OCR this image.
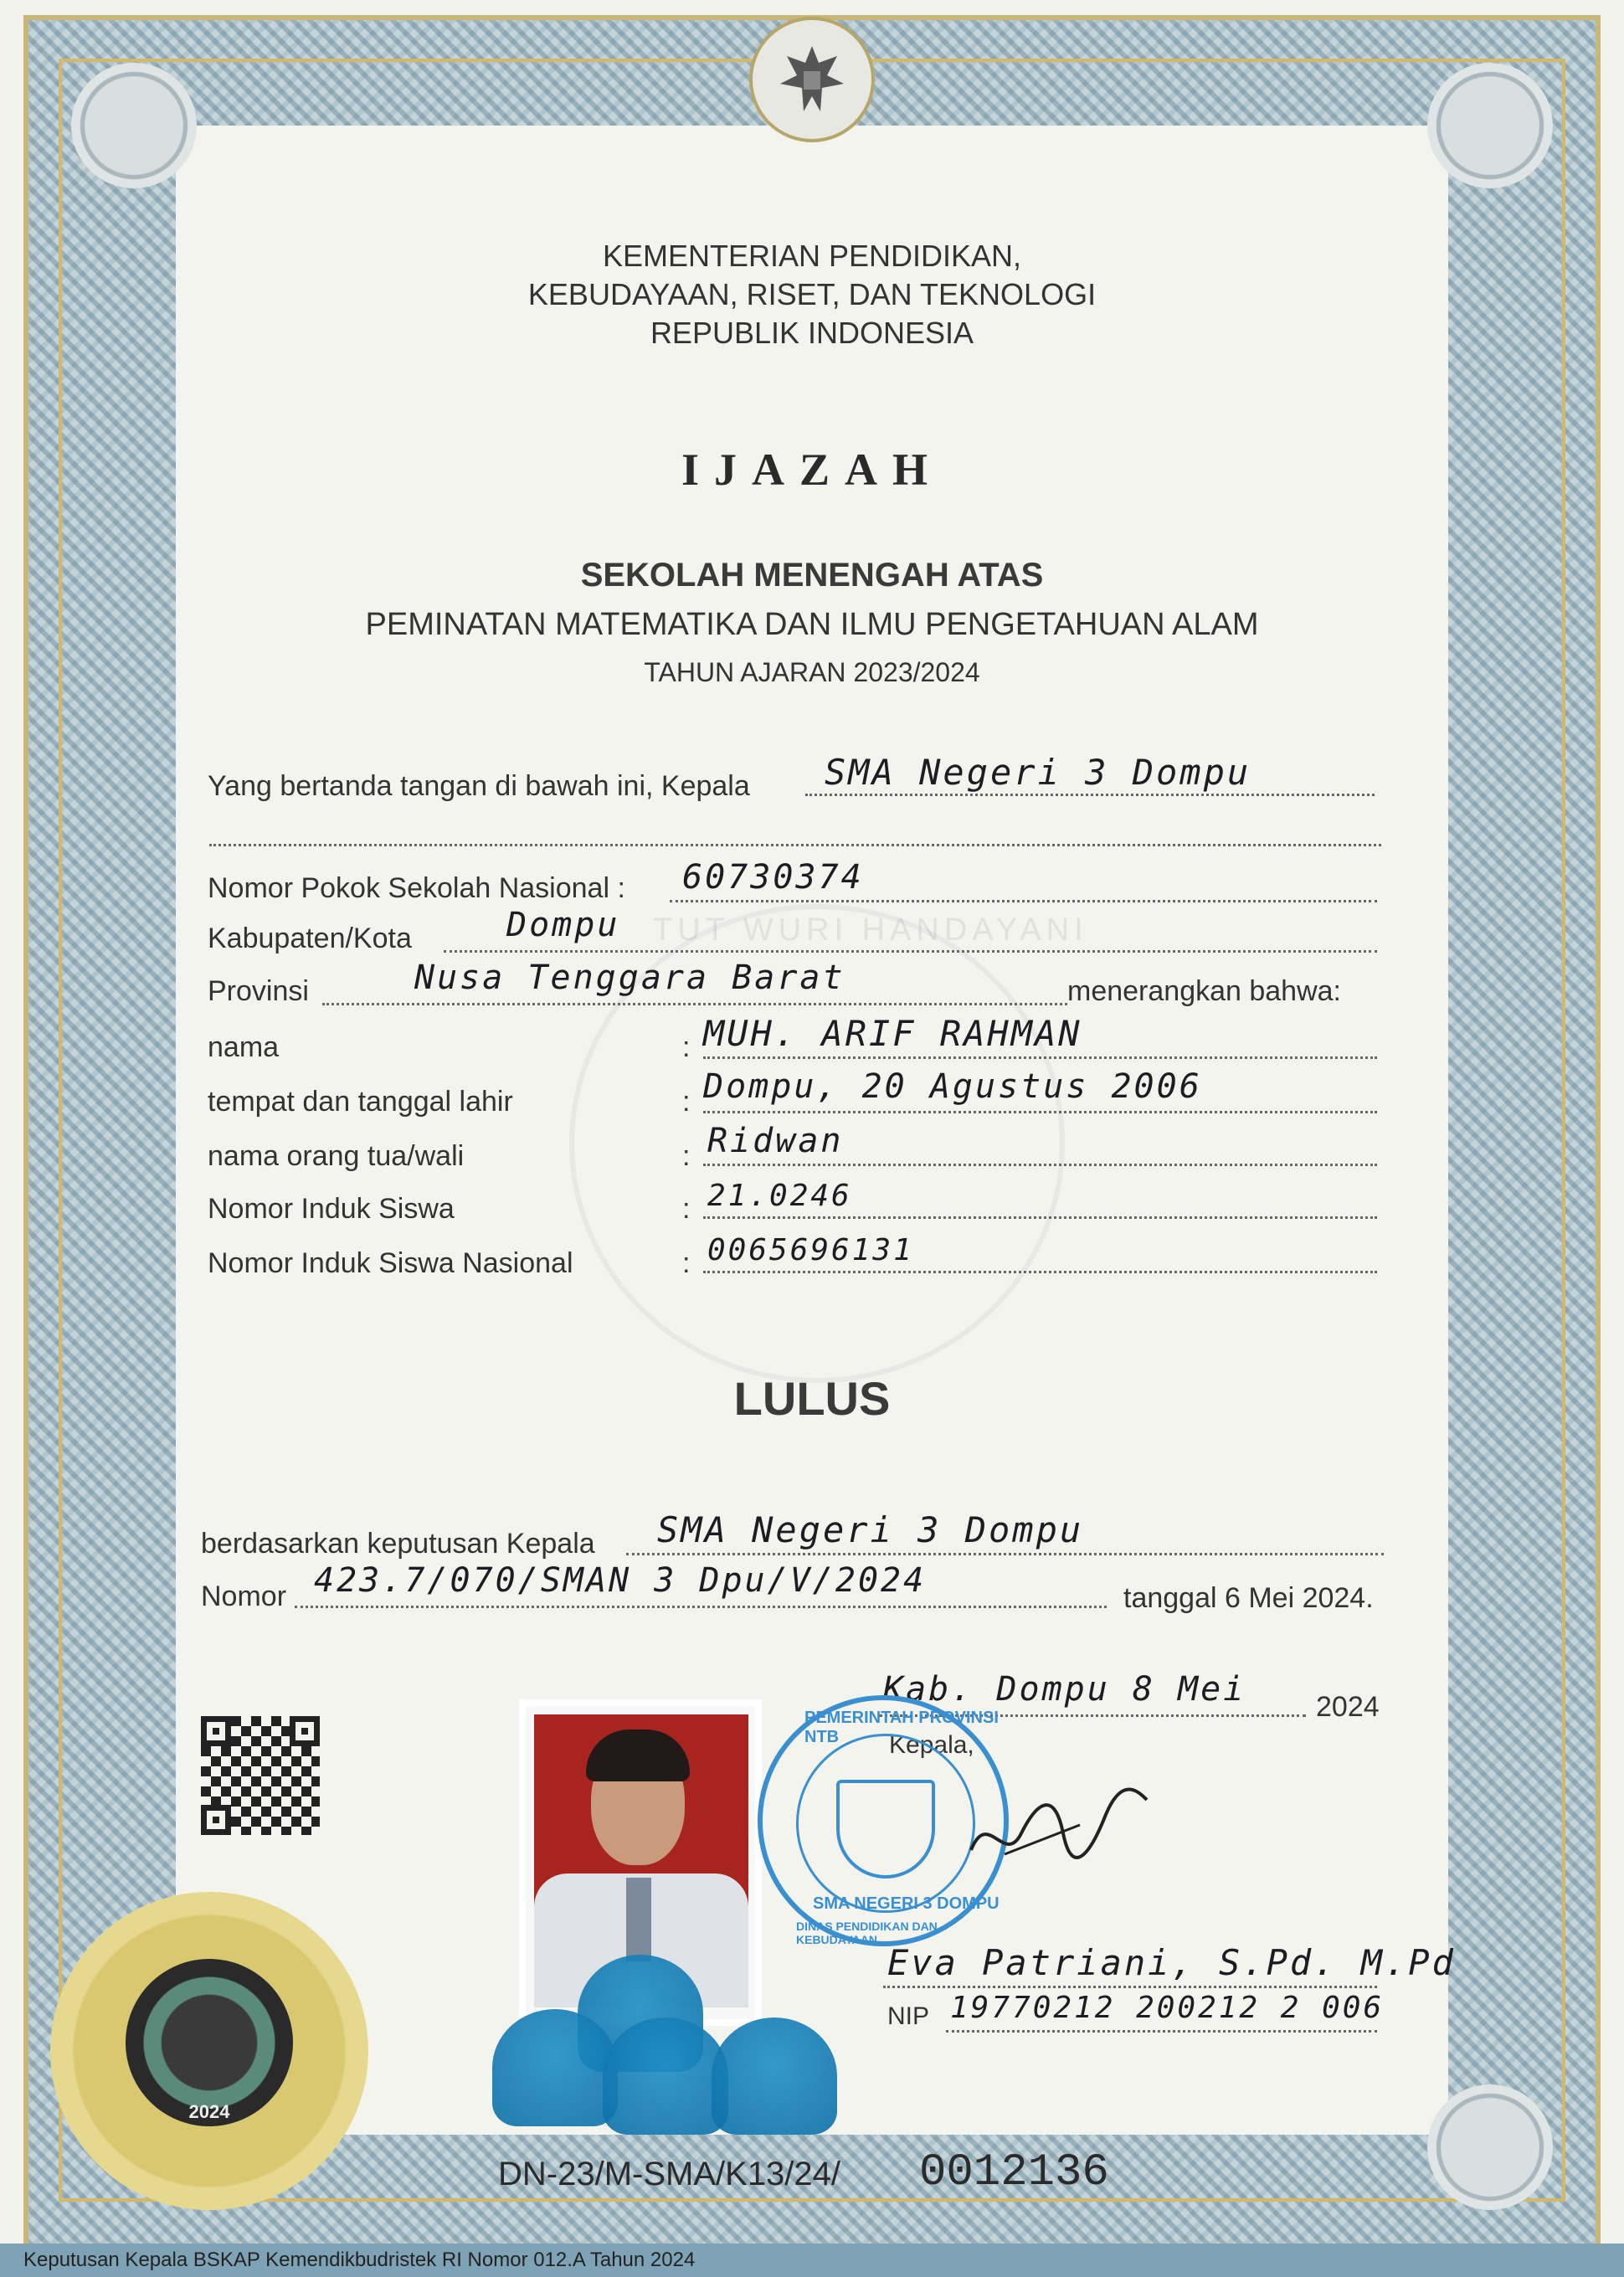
TUT WURI HANDAYANI
KEMENTERIAN PENDIDIKAN,
KEBUDAYAAN, RISET, DAN TEKNOLOGI
REPUBLIK INDONESIA
IJAZAH
SEKOLAH MENENGAH ATAS
PEMINATAN MATEMATIKA DAN ILMU PENGETAHUAN ALAM
TAHUN AJARAN 2023/2024
Yang bertanda tangan di bawah ini, Kepala SMA Negeri 3 Dompu
Nomor Pokok Sekolah Nasional : 60730374
Kabupaten/Kota	Dompu
Provinsi	Nusa Tenggara Barat	menerangkan bahwa:
nama	: MUH. ARIF RAHMAN
tempat dan tanggal lahir	: Dompu, 20 Agustus 2006
nama orang tua/wali	: Ridwan
Nomor Induk Siswa	: 21.0246
Nomor Induk Siswa Nasional	: 0065696131
LULUS
berdasarkan keputusan Kepala SMA Negeri 3 Dompu
Nomor 423.7/070/SMAN 3 Dpu/V/2024	tanggal 6 Mei 2024.
Kab. Dompu 8 Mei 2024
Kepala,
PEMERINTAH PROVINSI NTB
SMA NEGERI 3 DOMPU
DINAS PENDIDIKAN DAN KEBUDAYAAN
Eva Patriani, S.Pd. M.Pd
NIP 19770212 200212 2 006
2024
DN-23/M-SMA/K13/24/ 0012136
Keputusan Kepala BSKAP Kemendikbudristek RI Nomor 012.A Tahun 2024
